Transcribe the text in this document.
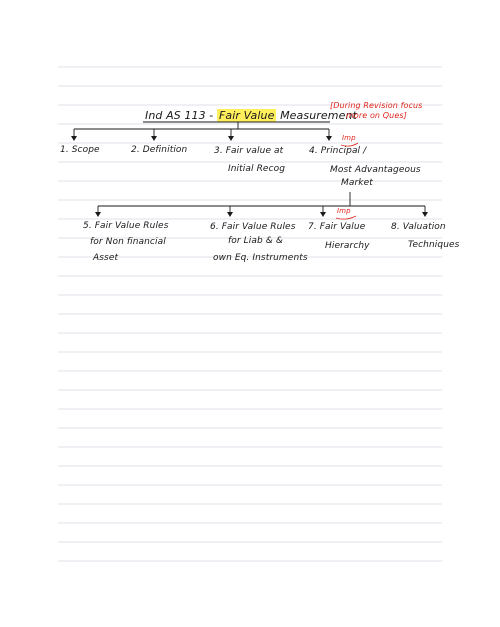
Ind AS 113 - Fair Value Measurement
[During Revision focus
more on Ques]
Imp
Imp
1. Scope	2. Definition	3. Fair value at
Initial Recog
4. Principal /
Most Advantageous
Market
5. Fair Value Rules
for Non financial
Asset
6. Fair Value Rules
for Liab & &
own Eq. Instruments
7. Fair Value
Hierarchy
8. Valuation
Techniques
